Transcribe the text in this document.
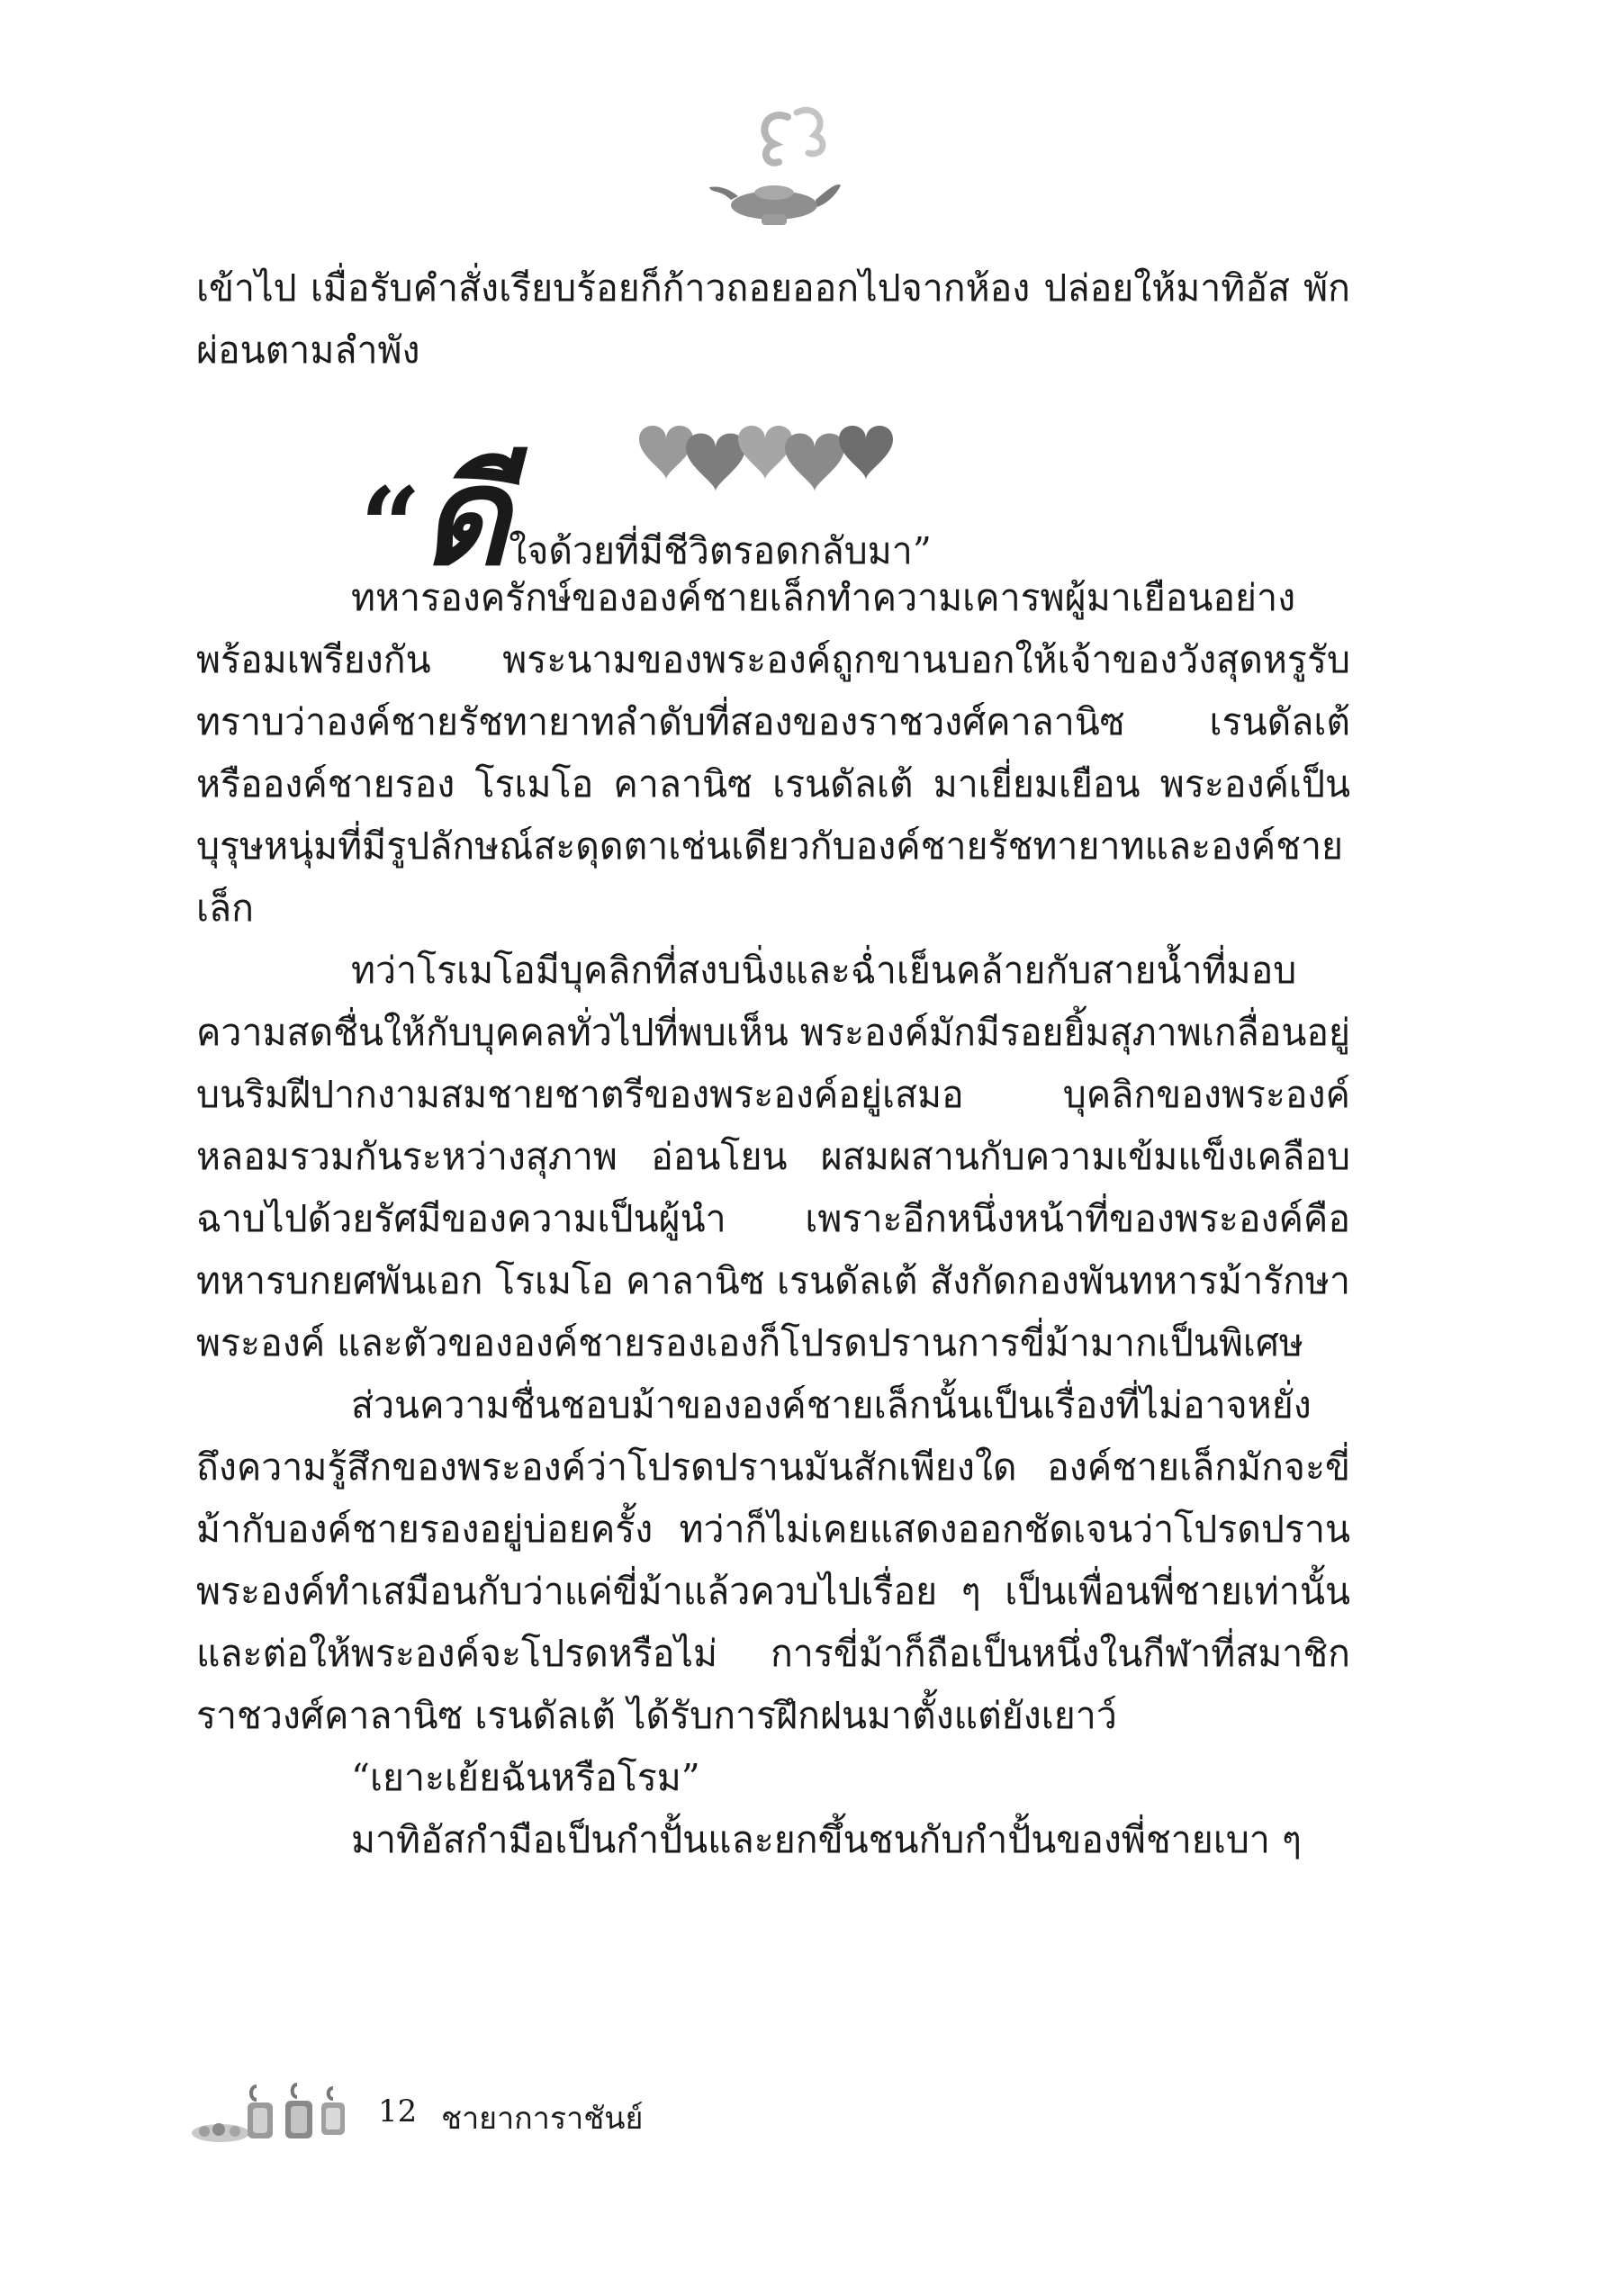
เข้าไป เมื่อรับคำสั่งเรียบร้อยก็ก้าวถอยออกไปจากห้อง ปล่อยให้มาทิอัส พักผ่อนตามลำพัง

“ดีใจด้วยที่มีชีวิตรอดกลับมา”

ทหารองครักษ์ขององค์ชายเล็กทำความเคารพผู้มาเยือนอย่างพร้อมเพรียงกัน พระนามของพระองค์ถูกขานบอกให้เจ้าของวังสุดหรูรับทราบว่าองค์ชายรัชทายาทลำดับที่สองของราชวงศ์คาลานิซ เรนดัลเต้ หรือองค์ชายรอง โรเมโอ คาลานิซ เรนดัลเต้ มาเยี่ยมเยือน พระองค์เป็นบุรุษหนุ่มที่มีรูปลักษณ์สะดุดตาเช่นเดียวกับองค์ชายรัชทายาทและองค์ชายเล็ก

ทว่าโรเมโอมีบุคลิกที่สงบนิ่งและฉ่ำเย็นคล้ายกับสายน้ำที่มอบความสดชื่นให้กับบุคคลทั่วไปที่พบเห็น พระองค์มักมีรอยยิ้มสุภาพเกลื่อนอยู่บนริมฝีปากงามสมชายชาตรีของพระองค์อยู่เสมอ บุคลิกของพระองค์หลอมรวมกันระหว่างสุภาพ อ่อนโยน ผสมผสานกับความเข้มแข็งเคลือบฉาบไปด้วยรัศมีของความเป็นผู้นำ เพราะอีกหนึ่งหน้าที่ของพระองค์คือทหารบกยศพันเอก โรเมโอ คาลานิซ เรนดัลเต้ สังกัดกองพันทหารม้ารักษาพระองค์ และตัวขององค์ชายรองเองก็โปรดปรานการขี่ม้ามากเป็นพิเศษ

ส่วนความชื่นชอบม้าขององค์ชายเล็กนั้นเป็นเรื่องที่ไม่อาจหยั่งถึงความรู้สึกของพระองค์ว่าโปรดปรานมันสักเพียงใด องค์ชายเล็กมักจะขี่ม้ากับองค์ชายรองอยู่บ่อยครั้ง ทว่าก็ไม่เคยแสดงออกชัดเจนว่าโปรดปราน พระองค์ทำเสมือนกับว่าแค่ขี่ม้าแล้วควบไปเรื่อย ๆ เป็นเพื่อนพี่ชายเท่านั้น และต่อให้พระองค์จะโปรดหรือไม่ การขี่ม้าก็ถือเป็นหนึ่งในกีฬาที่สมาชิกราชวงศ์คาลานิซ เรนดัลเต้ ได้รับการฝึกฝนมาตั้งแต่ยังเยาว์

“เยาะเย้ยฉันหรือโรม”

มาทิอัสกำมือเป็นกำปั้นและยกขึ้นชนกับกำปั้นของพี่ชายเบา ๆ

12 ชายาการาชันย์
